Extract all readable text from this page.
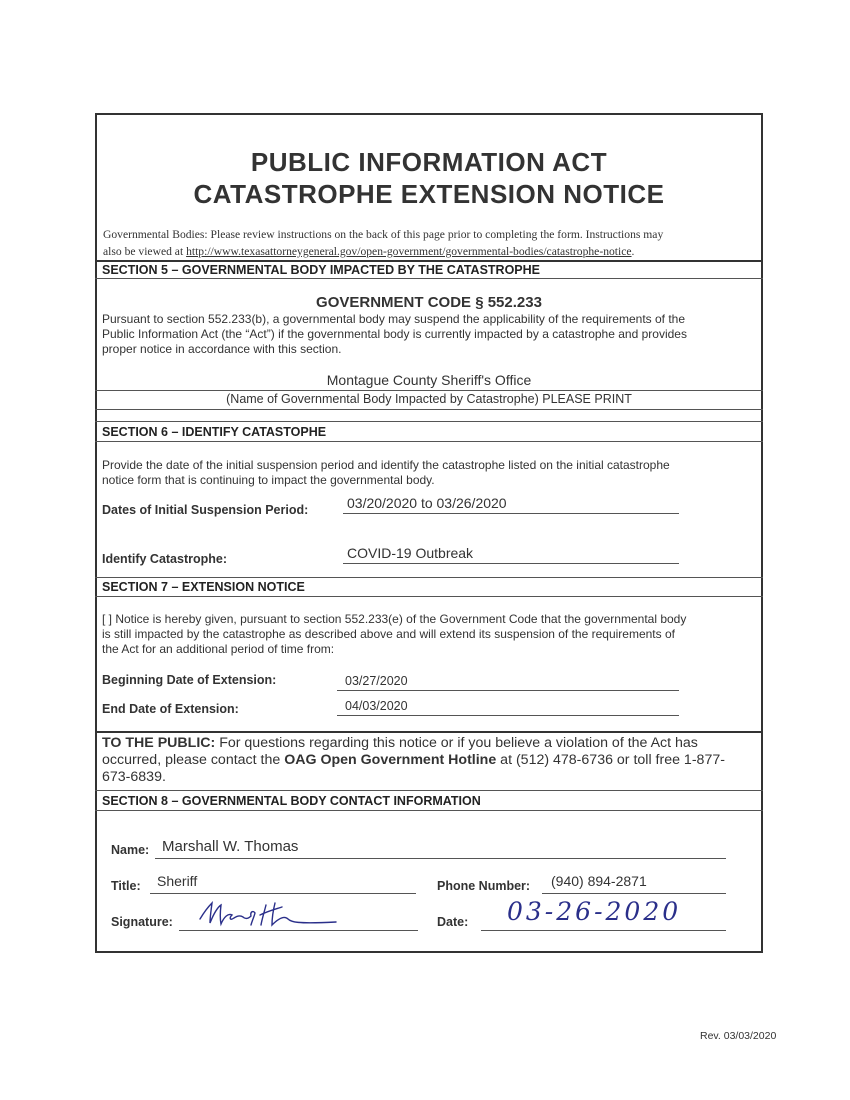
PUBLIC INFORMATION ACT
CATASTROPHE EXTENSION NOTICE
Governmental Bodies: Please review instructions on the back of this page prior to completing the form. Instructions may
also be viewed at http://www.texasattorneygeneral.gov/open-government/governmental-bodies/catastrophe-notice.
SECTION 5 – GOVERNMENTAL BODY IMPACTED BY THE CATASTROPHE
GOVERNMENT CODE § 552.233
Pursuant to section 552.233(b), a governmental body may suspend the applicability of the requirements of the
Public Information Act (the “Act”) if the governmental body is currently impacted by a catastrophe and provides
proper notice in accordance with this section.
Montague County Sheriff's Office
(Name of Governmental Body Impacted by Catastrophe) PLEASE PRINT
SECTION 6 – IDENTIFY CATASTOPHE
Provide the date of the initial suspension period and identify the catastrophe listed on the initial catastrophe
notice form that is continuing to impact the governmental body.
Dates of Initial Suspension Period:	03/20/2020 to 03/26/2020
Identify Catastrophe:	COVID-19 Outbreak
SECTION 7 – EXTENSION NOTICE
[ ] Notice is hereby given, pursuant to section 552.233(e) of the Government Code that the governmental body
is still impacted by the catastrophe as described above and will extend its suspension of the requirements of
the Act for an additional period of time from:
Beginning Date of Extension:	03/27/2020
End Date of Extension:	04/03/2020
TO THE PUBLIC: For questions regarding this notice or if you believe a violation of the Act has
occurred, please contact the OAG Open Government Hotline at (512) 478-6736 or toll free 1-877-
673-6839.
SECTION 8 – GOVERNMENTAL BODY CONTACT INFORMATION
Name: Marshall W. Thomas
Title: Sheriff	Phone Number: (940) 894-2871
Signature:	Date: 03-26-2020
Rev. 03/03/2020
